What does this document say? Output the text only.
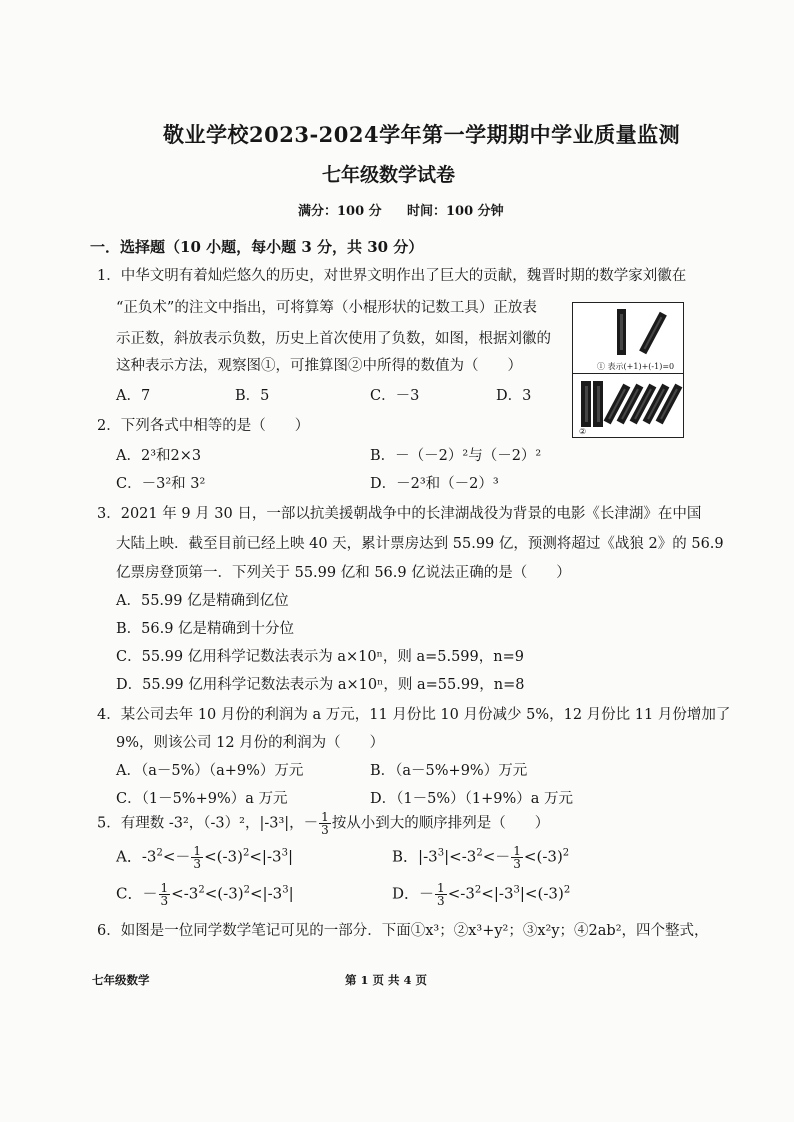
敬业学校2023-2024学年第一学期期中学业质量监测
七年级数学试卷
满分：100 分 时间：100 分钟
一．选择题（10 小题，每小题 3 分，共 30 分）
1．中华文明有着灿烂悠久的历史，对世界文明作出了巨大的贡献，魏晋时期的数学家刘徽在
“正负术”的注文中指出，可将算筹（小棍形状的记数工具）正放表
示正数，斜放表示负数，历史上首次使用了负数，如图，根据刘徽的
这种表示方法，观察图①，可推算图②中所得的数值为（　　）
A．7	B．5	C．－3	D．3
① 表示(+1)+(-1)=0
②
2．下列各式中相等的是（　　）
A．2³和2×3	B．－（－2）²与（－2）²
C．－3²和 3²	D．－2³和（－2）³
3．2021 年 9 月 30 日，一部以抗美援朝战争中的长津湖战役为背景的电影《长津湖》在中国
大陆上映．截至目前已经上映 40 天，累计票房达到 55.99 亿，预测将超过《战狼 2》的 56.9
亿票房登顶第一．下列关于 55.99 亿和 56.9 亿说法正确的是（　　）
A．55.99 亿是精确到亿位
B．56.9 亿是精确到十分位
C．55.99 亿用科学记数法表示为 a×10ⁿ，则 a=5.599，n=9
D．55.99 亿用科学记数法表示为 a×10ⁿ，则 a=55.99，n=8
4．某公司去年 10 月份的利润为 a 万元，11 月份比 10 月份减少 5%，12 月份比 11 月份增加了
9%，则该公司 12 月份的利润为（　　）
A．（a－5%）（a+9%）万元	B．（a－5%+9%）万元
C．（1－5%+9%）a 万元	D．（1－5%）（1+9%）a 万元
5．有理数 -3²，（-3）²，|-3³|，－ $\frac{1}{3}$ 按从小到大的顺序排列是（　　）
A．$-3^2<- \frac{1}{3} <(-3)^2<|-3^3|$	B．$|-3^3|<-3^2<- \frac{1}{3} <(-3)^2$
C．－ $\frac{1}{3} <-3^2<(-3)^2<|-3^3|$	D．－ $\frac{1}{3} <-3^2<|-3^3|<(-3)^2$
6．如图是一位同学数学笔记可见的一部分．下面①x³；②x³+y²；③x²y；④2ab²，四个整式，
七年级数学	第 1 页 共 4 页
